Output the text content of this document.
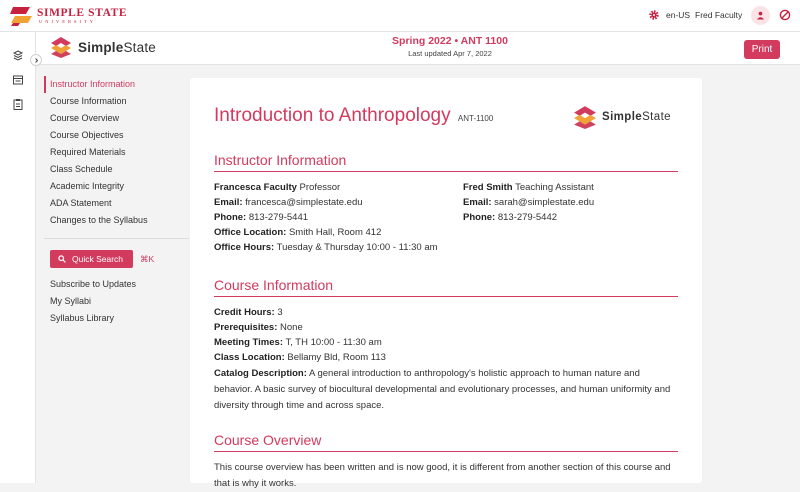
SIMPLE STATE
UNIVERSITY
en-US Fred Faculty
SimpleState	Spring 2022 • ANT 1100
Last updated Apr 7, 2022	Print
Instructor Information
Course Information
Course Overview
Course Objectives
Required Materials
Class Schedule
Academic Integrity
ADA Statement
Changes to the Syllabus
Quick Search	⌘K
Subscribe to Updates
My Syllabi
Syllabus Library
Introduction to Anthropology ANT-1100	SimpleState
Instructor Information
Francesca Faculty Professor
Email: francesca@simplestate.edu
Phone: 813-279-5441
Office Location: Smith Hall, Room 412
Office Hours: Tuesday & Thursday 10:00 - 11:30 am
Fred Smith Teaching Assistant
Email: sarah@simplestate.edu
Phone: 813-279-5442
Course Information
Credit Hours: 3
Prerequisites: None
Meeting Times: T, TH 10:00 - 11:30 am
Class Location: Bellamy Bld, Room 113
Catalog Description: A general introduction to anthropology's holistic approach to human nature and behavior. A basic survey of biocultural developmental and evolutionary processes, and human uniformity and diversity through time and across space.
Course Overview
This course overview has been written and is now good, it is different from another section of this course and that is why it works.
